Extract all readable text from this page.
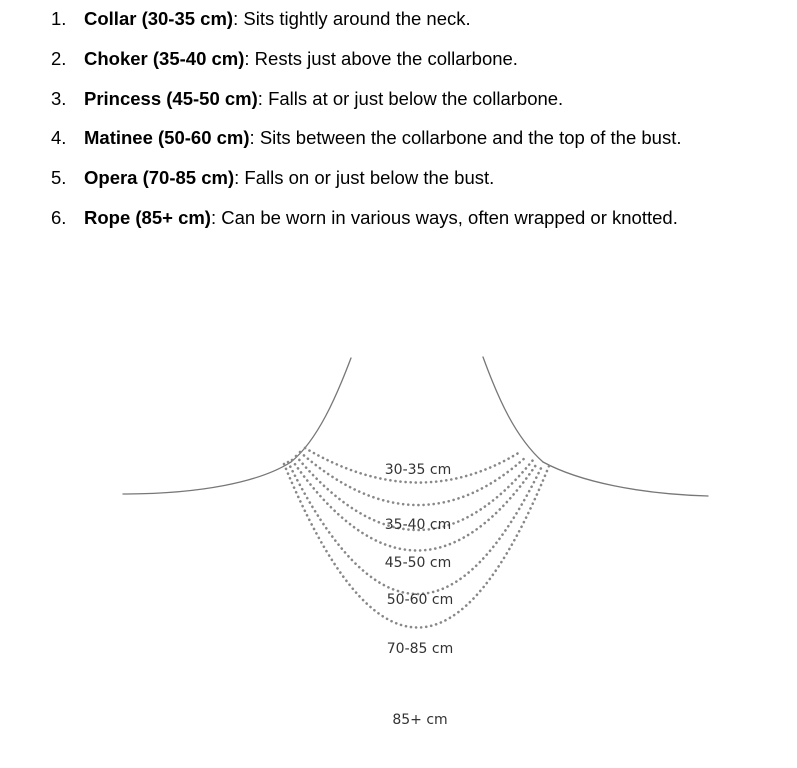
1. Collar (30-35 cm): Sits tightly around the neck.
2. Choker (35-40 cm): Rests just above the collarbone.
3. Princess (45-50 cm): Falls at or just below the collarbone.
4. Matinee (50-60 cm): Sits between the collarbone and the top of the bust.
5. Opera (70-85 cm): Falls on or just below the bust.
6. Rope (85+ cm): Can be worn in various ways, often wrapped or knotted.
30-35 cm
35-40 cm
45-50 cm
50-60 cm
70-85 cm
85+ cm
